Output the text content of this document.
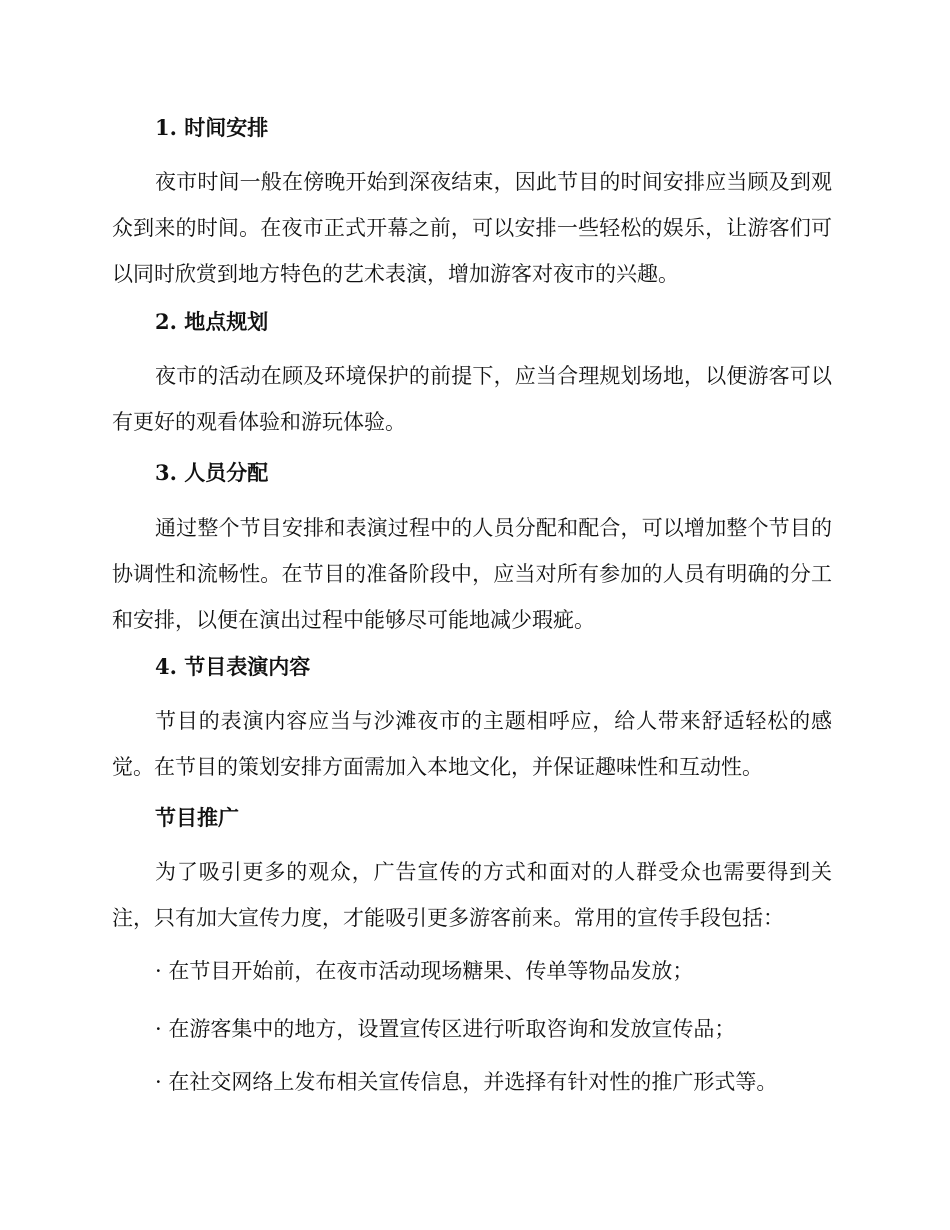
1. 时间安排
夜市时间一般在傍晚开始到深夜结束，因此节目的时间安排应当顾及到观众到来的时间。在夜市正式开幕之前，可以安排一些轻松的娱乐，让游客们可以同时欣赏到地方特色的艺术表演，增加游客对夜市的兴趣。
2. 地点规划
夜市的活动在顾及环境保护的前提下，应当合理规划场地，以便游客可以有更好的观看体验和游玩体验。
3. 人员分配
通过整个节目安排和表演过程中的人员分配和配合，可以增加整个节目的协调性和流畅性。在节目的准备阶段中，应当对所有参加的人员有明确的分工和安排，以便在演出过程中能够尽可能地减少瑕疵。
4. 节目表演内容
节目的表演内容应当与沙滩夜市的主题相呼应，给人带来舒适轻松的感觉。在节目的策划安排方面需加入本地文化，并保证趣味性和互动性。
节目推广
为了吸引更多的观众，广告宣传的方式和面对的人群受众也需要得到关注，只有加大宣传力度，才能吸引更多游客前来。常用的宣传手段包括：
· 在节目开始前，在夜市活动现场糖果、传单等物品发放；
· 在游客集中的地方，设置宣传区进行听取咨询和发放宣传品；
· 在社交网络上发布相关宣传信息，并选择有针对性的推广形式等。
